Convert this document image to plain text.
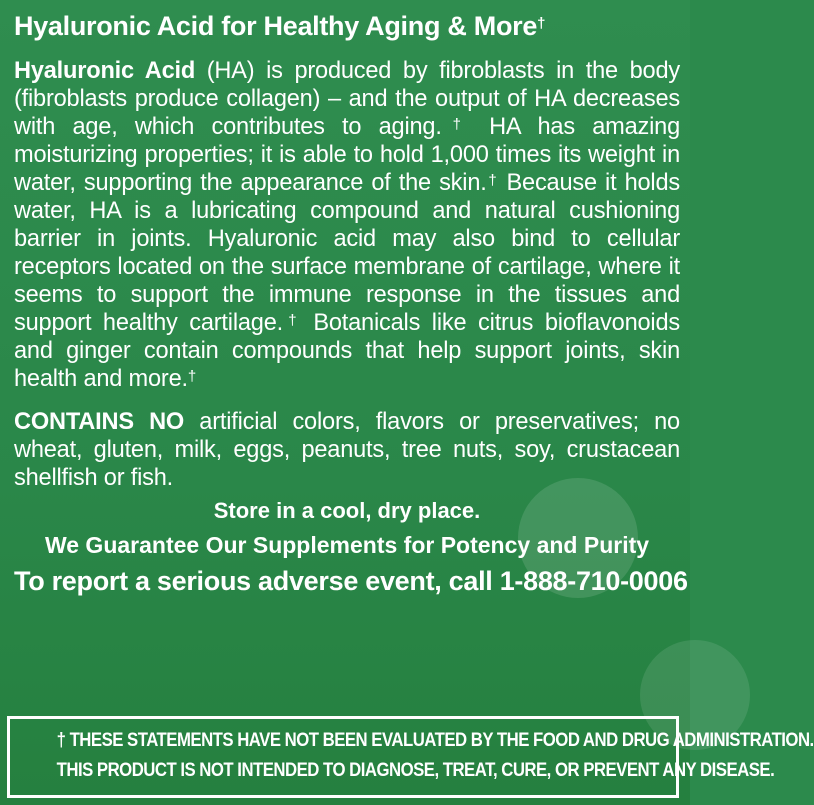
Hyaluronic Acid for Healthy Aging & More†

Hyaluronic Acid (HA) is produced by fibroblasts in the body (fibroblasts produce collagen) – and the output of HA decreases with age, which contributes to aging.† HA has amazing moisturizing properties; it is able to hold 1,000 times its weight in water, supporting the appearance of the skin.† Because it holds water, HA is a lubricating compound and natural cushioning barrier in joints. Hyaluronic acid may also bind to cellular receptors located on the surface membrane of cartilage, where it seems to support the immune response in the tissues and support healthy cartilage.† Botanicals like citrus bioflavonoids and ginger contain compounds that help support joints, skin health and more.†

CONTAINS NO artificial colors, flavors or preservatives; no wheat, gluten, milk, eggs, peanuts, tree nuts, soy, crustacean shellfish or fish.

Store in a cool, dry place.
We Guarantee Our Supplements for Potency and Purity
To report a serious adverse event, call 1-888-710-0006
† THESE STATEMENTS HAVE NOT BEEN EVALUATED BY THE FOOD AND DRUG ADMINISTRATION.
THIS PRODUCT IS NOT INTENDED TO DIAGNOSE, TREAT, CURE, OR PREVENT ANY DISEASE.
